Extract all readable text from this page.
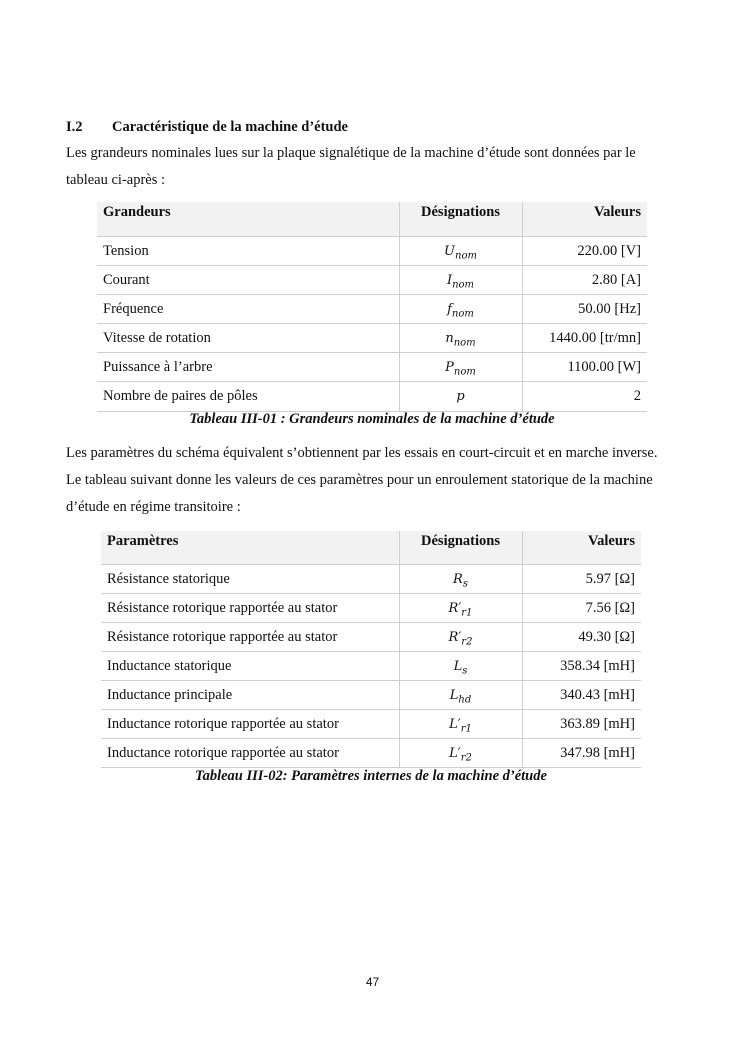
I.2 Caractéristique de la machine d’étude
Les grandeurs nominales lues sur la plaque signalétique de la machine d’étude sont données par le
tableau ci-après :
Grandeurs	Désignations	Valeurs
Tension	$U_{nom}$	220.00 [V]
Courant	$I_{nom}$	2.80 [A]
Fréquence	$f_{nom}$	50.00 [Hz]
Vitesse de rotation	$n_{nom}$	1440.00 [tr/mn]
Puissance à l’arbre	$P_{nom}$	1100.00 [W]
Nombre de paires de pôles	p	2
Tableau III-01 : Grandeurs nominales de la machine d’étude
Les paramètres du schéma équivalent s’obtiennent par les essais en court-circuit et en marche inverse.
Le tableau suivant donne les valeurs de ces paramètres pour un enroulement statorique de la machine
d’étude en régime transitoire :
Paramètres	Désignations	Valeurs
Résistance statorique	$R_s$	5.97 [Ω]
Résistance rotorique rapportée au stator	$R'_{r1}$	7.56 [Ω]
Résistance rotorique rapportée au stator	$R'_{r2}$	49.30 [Ω]
Inductance statorique	$L_s$	358.34 [mH]
Inductance principale	$L_{hd}$	340.43 [mH]
Inductance rotorique rapportée au stator	$L'_{r1}$	363.89 [mH]
Inductance rotorique rapportée au stator	$L'_{r2}$	347.98 [mH]
Tableau III-02: Paramètres internes de la machine d’étude
47
